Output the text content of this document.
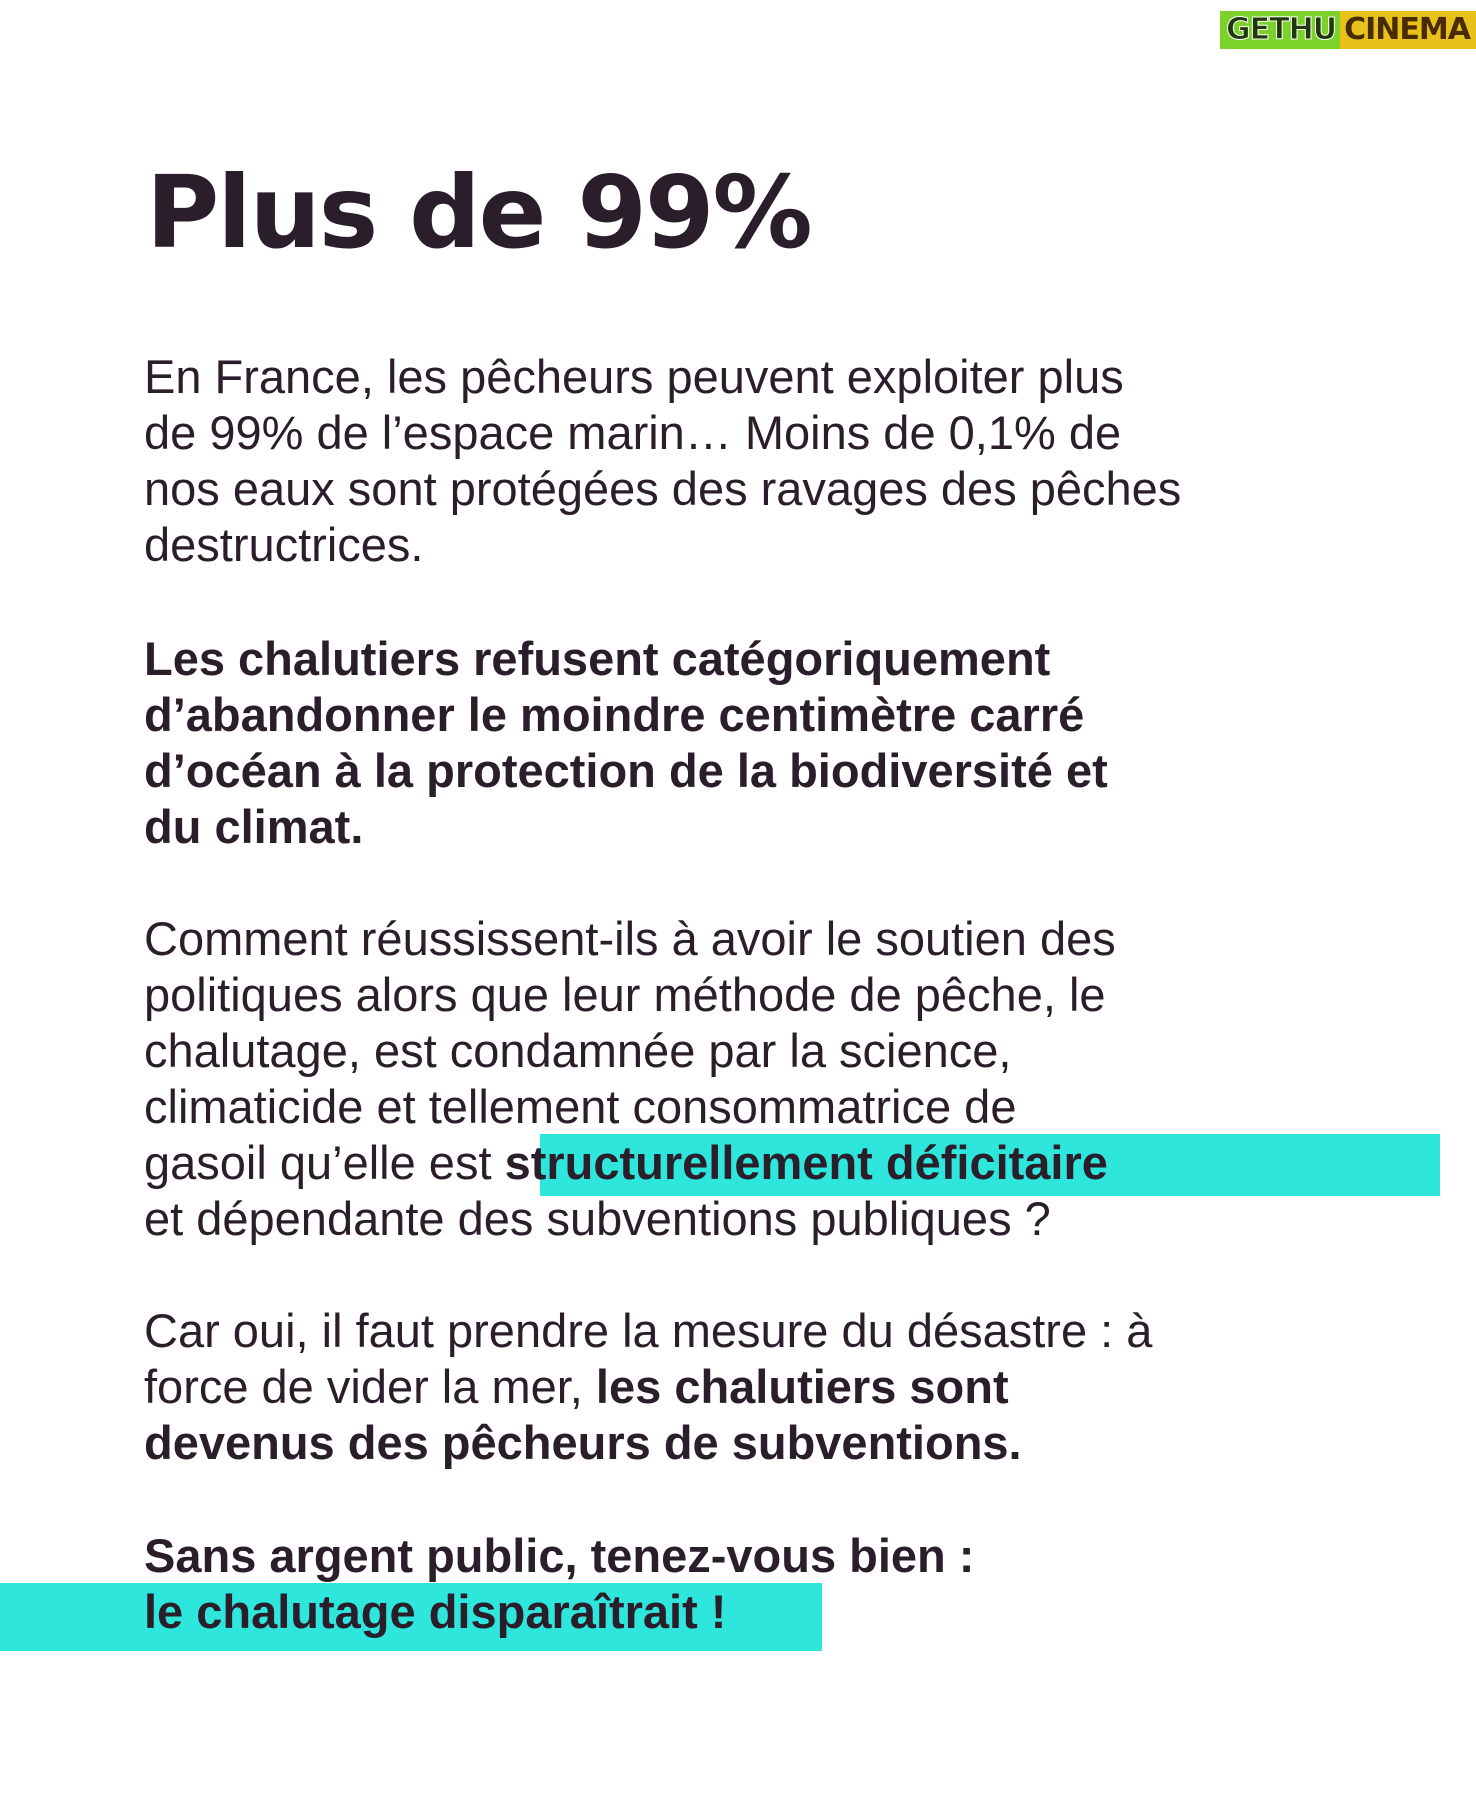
GETHU CINEMA
Plus de 99%
En France, les pêcheurs peuvent exploiter plus
de 99% de l’espace marin… Moins de 0,1% de
nos eaux sont protégées des ravages des pêches
destructrices.
Les chalutiers refusent catégoriquement
d’abandonner le moindre centimètre carré
d’océan à la protection de la biodiversité et
du climat.
Comment réussissent-ils à avoir le soutien des
politiques alors que leur méthode de pêche, le
chalutage, est condamnée par la science,
climaticide et tellement consommatrice de
gasoil qu’elle est structurellement déficitaire
et dépendante des subventions publiques ?
Car oui, il faut prendre la mesure du désastre : à
force de vider la mer, les chalutiers sont
devenus des pêcheurs de subventions.
Sans argent public, tenez-vous bien :
le chalutage disparaîtrait !
